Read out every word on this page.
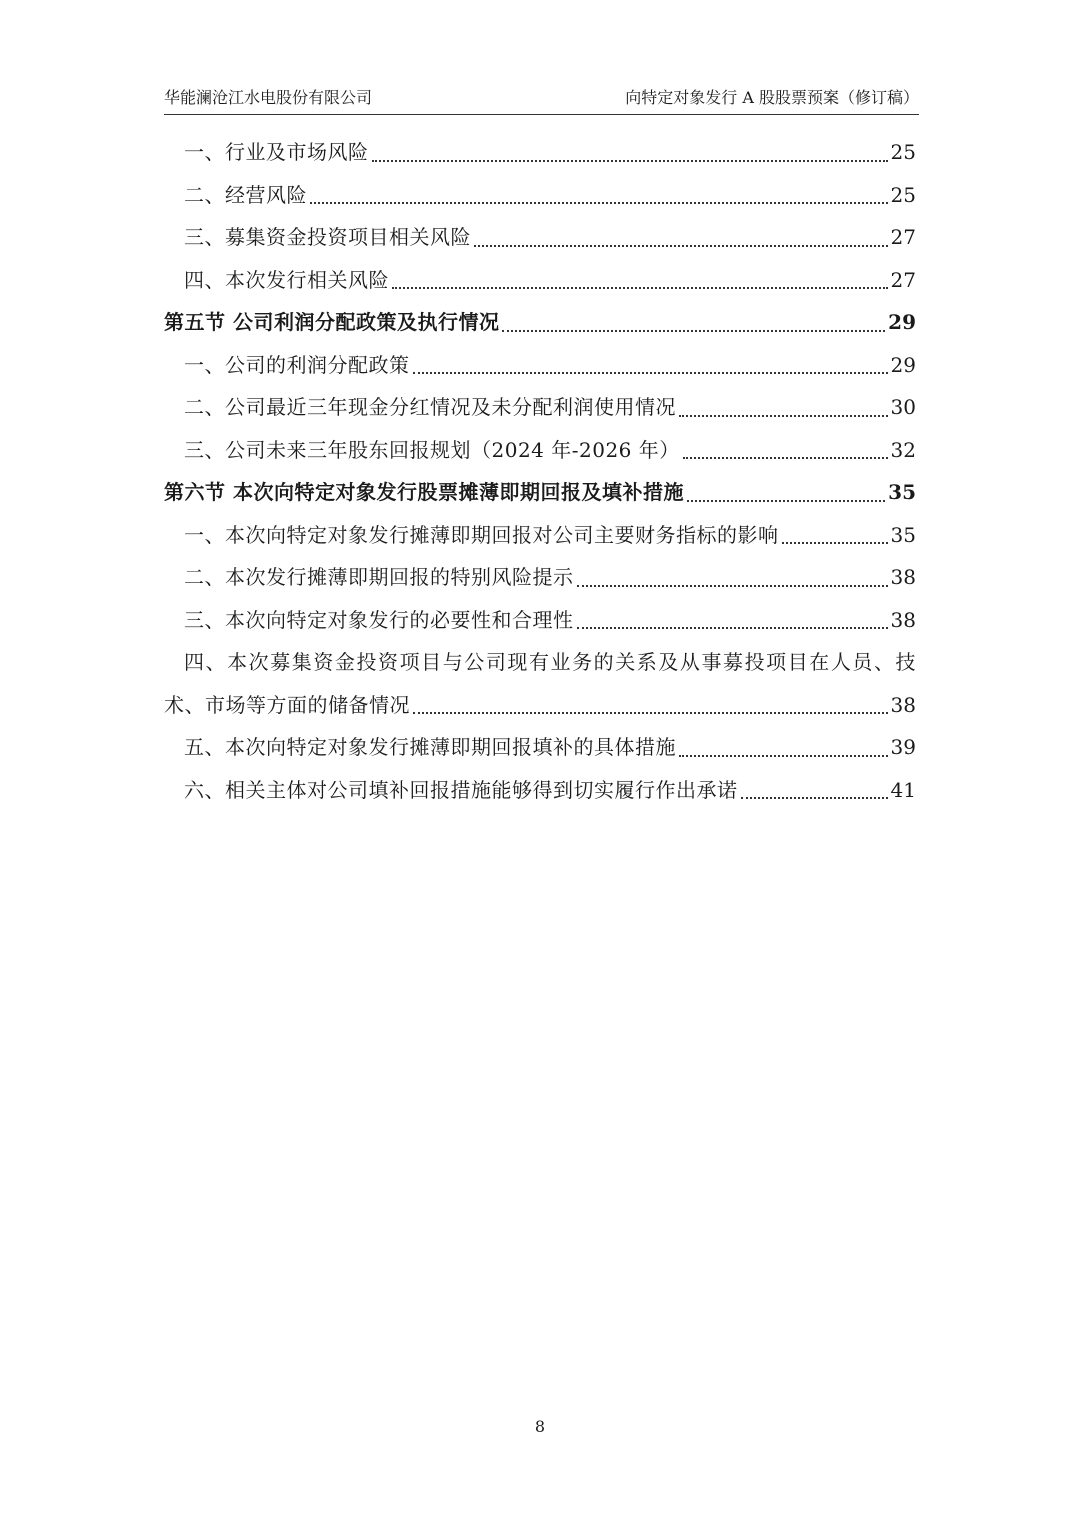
华能澜沧江水电股份有限公司	向特定对象发行 A 股股票预案（修订稿）
一、行业及市场风险	25
二、经营风险	25
三、募集资金投资项目相关风险	27
四、本次发行相关风险	27
第五节 公司利润分配政策及执行情况	29
一、公司的利润分配政策	29
二、公司最近三年现金分红情况及未分配利润使用情况	30
三、公司未来三年股东回报规划（2024 年-2026 年）	32
第六节 本次向特定对象发行股票摊薄即期回报及填补措施	35
一、本次向特定对象发行摊薄即期回报对公司主要财务指标的影响	35
二、本次发行摊薄即期回报的特别风险提示	38
三、本次向特定对象发行的必要性和合理性	38
四、本次募集资金投资项目与公司现有业务的关系及从事募投项目在人员、技
术、市场等方面的储备情况	38
五、本次向特定对象发行摊薄即期回报填补的具体措施	39
六、相关主体对公司填补回报措施能够得到切实履行作出承诺	41
8
